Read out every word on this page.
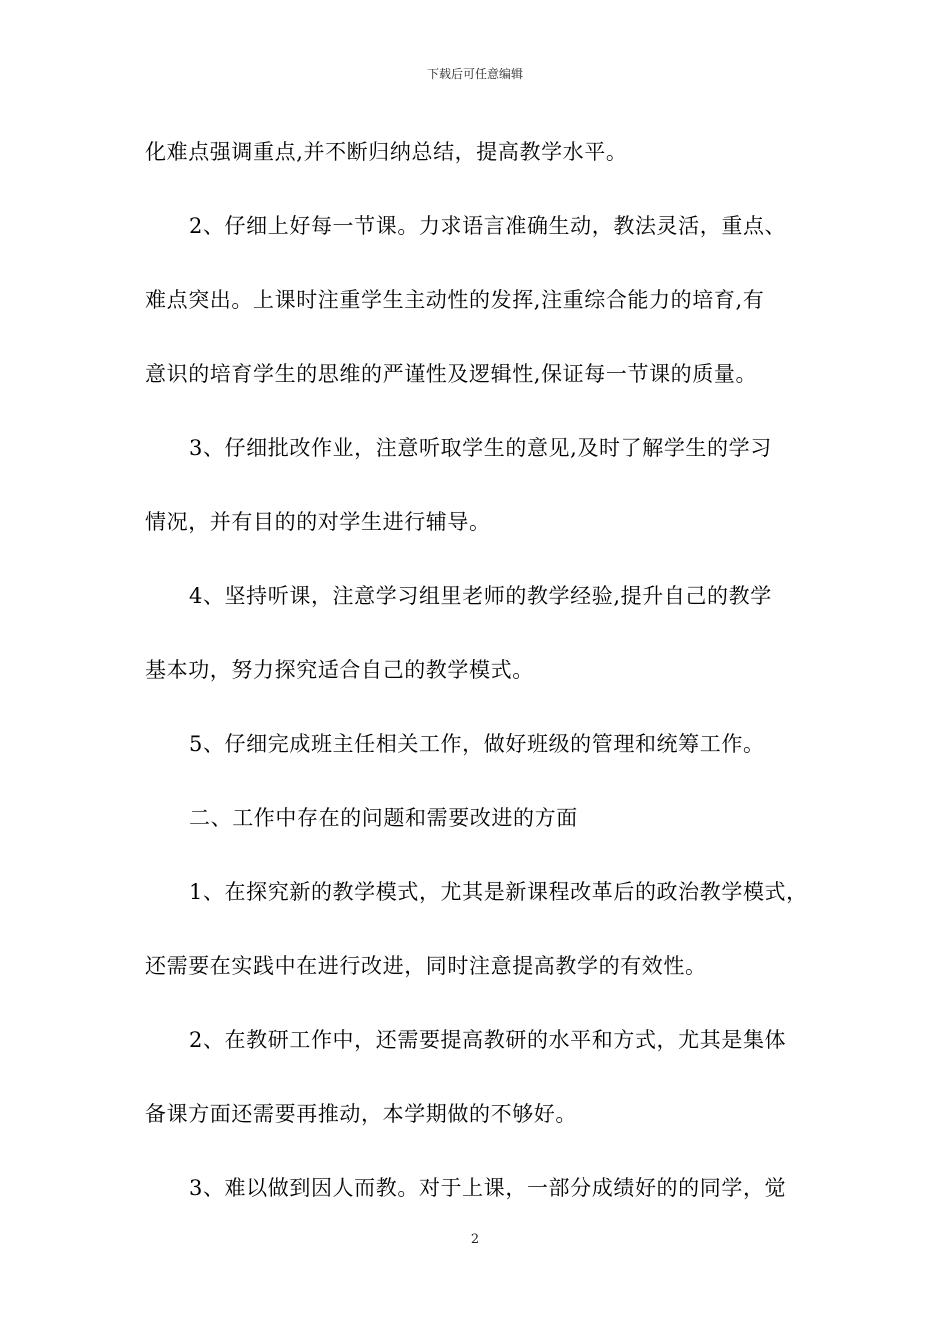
下载后可任意编辑
化难点强调重点,并不断归纳总结，提高教学水平。
2、仔细上好每一节课。力求语言准确生动，教法灵活，重点、
难点突出。上课时注重学生主动性的发挥,注重综合能力的培育,有
意识的培育学生的思维的严谨性及逻辑性,保证每一节课的质量。
3、仔细批改作业，注意听取学生的意见,及时了解学生的学习
情况，并有目的的对学生进行辅导。
4、坚持听课，注意学习组里老师的教学经验,提升自己的教学
基本功，努力探究适合自己的教学模式。
5、仔细完成班主任相关工作，做好班级的管理和统筹工作。
二、工作中存在的问题和需要改进的方面
1、在探究新的教学模式，尤其是新课程改革后的政治教学模式，
还需要在实践中在进行改进，同时注意提高教学的有效性。
2、在教研工作中，还需要提高教研的水平和方式，尤其是集体
备课方面还需要再推动，本学期做的不够好。
3、难以做到因人而教。对于上课，一部分成绩好的的同学，觉
2
